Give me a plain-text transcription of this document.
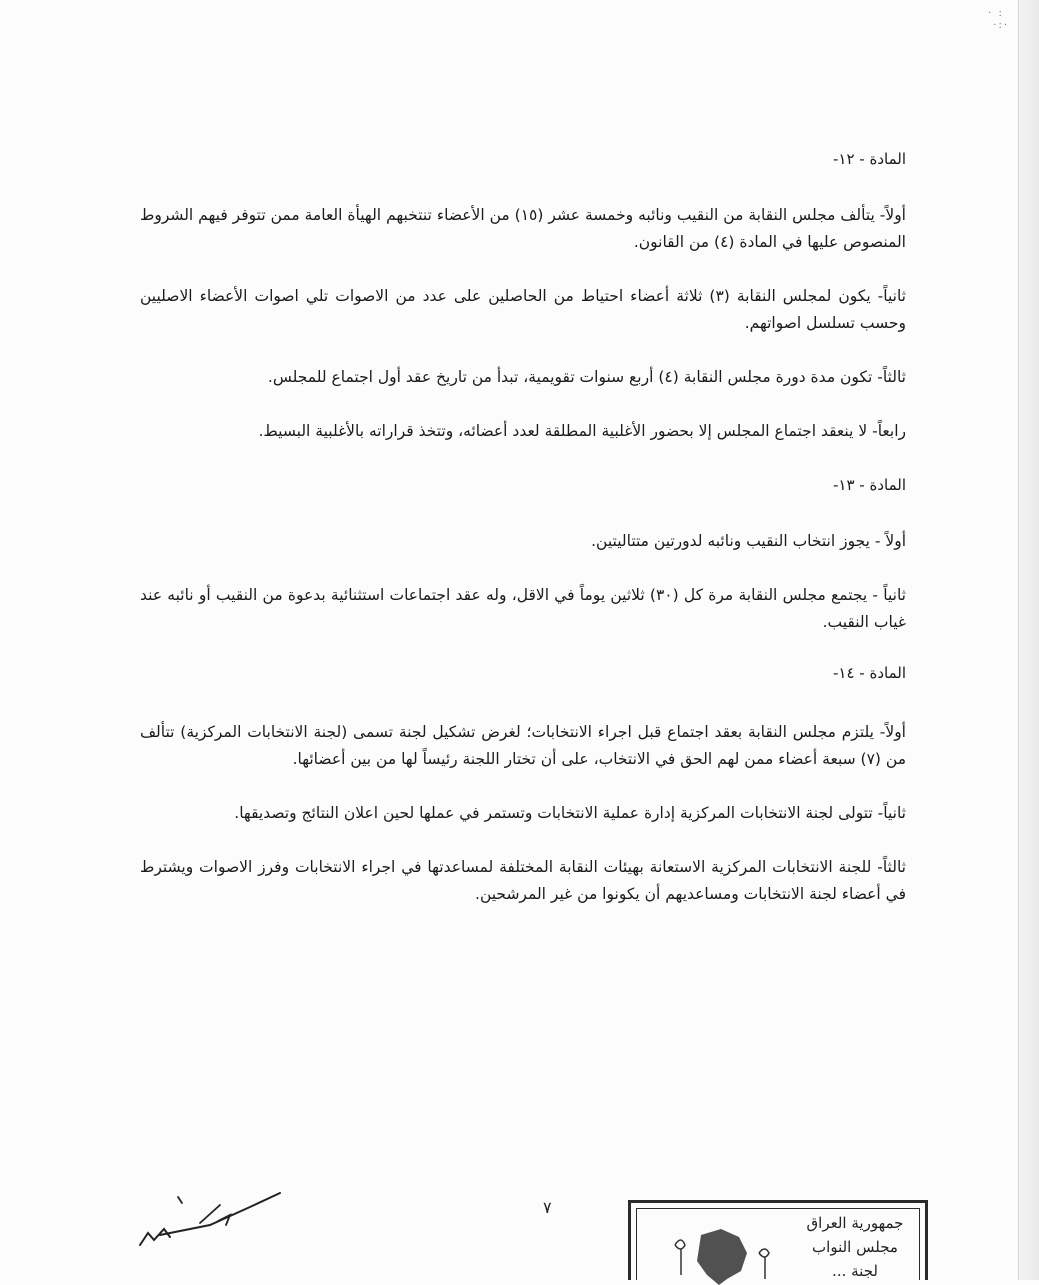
· :
·:·

المادة - ١٢-

أولاً- يتألف مجلس النقابة من النقيب ونائبه وخمسة عشر (١٥) من الأعضاء تنتخبهم الهيأة العامة ممن تتوفر فيهم الشروط المنصوص عليها في المادة (٤) من القانون.

ثانياً- يكون لمجلس النقابة (٣) ثلاثة أعضاء احتياط من الحاصلين على عدد من الاصوات تلي اصوات الأعضاء الاصليين وحسب تسلسل اصواتهم.

ثالثاً- تكون مدة دورة مجلس النقابة (٤) أربع سنوات تقويمية، تبدأ من تاريخ عقد أول اجتماع للمجلس.

رابعاً- لا ينعقد اجتماع المجلس إلا بحضور الأغلبية المطلقة لعدد أعضائه، وتتخذ قراراته بالأغلبية البسيط.

المادة - ١٣-

أولاً - يجوز انتخاب النقيب ونائبه لدورتين متتاليتين.

ثانياً - يجتمع مجلس النقابة مرة كل (٣٠) ثلاثين يوماً في الاقل، وله عقد اجتماعات استثنائية بدعوة من النقيب أو نائبه عند غياب النقيب.

المادة - ١٤-

أولاً- يلتزم مجلس النقابة بعقد اجتماع قبل اجراء الانتخابات؛ لغرض تشكيل لجنة تسمى (لجنة الانتخابات المركزية) تتألف من (٧) سبعة أعضاء ممن لهم الحق في الانتخاب، على أن تختار اللجنة رئيساً لها من بين أعضائها.

ثانياً- تتولى لجنة الانتخابات المركزية إدارة عملية الانتخابات وتستمر في عملها لحين اعلان النتائج وتصديقها.

ثالثاً- للجنة الانتخابات المركزية الاستعانة بهيئات النقابة المختلفة لمساعدتها في اجراء الانتخابات وفرز الاصوات ويشترط في أعضاء لجنة الانتخابات ومساعديهم أن يكونوا من غير المرشحين.

٧
جمهورية العراق
مجلس النواب
لجنة ...
